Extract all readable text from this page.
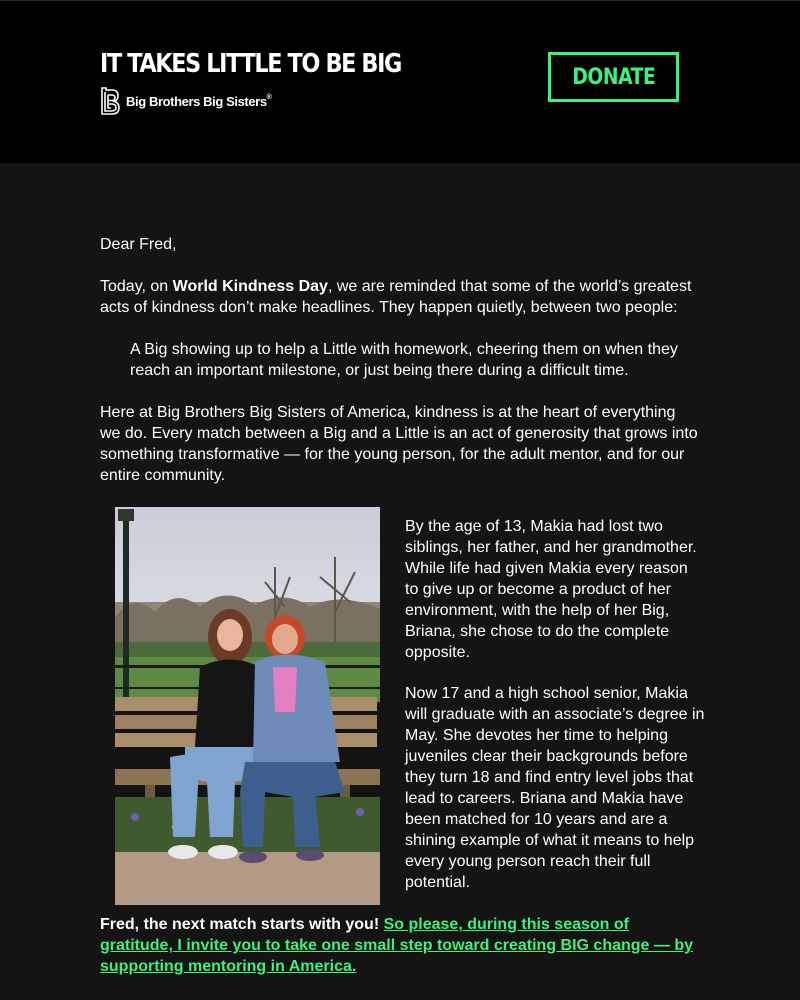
IT TAKES LITTLE TO BE BIG
Big Brothers Big Sisters®
DONATE
Dear Fred,
Today, on World Kindness Day, we are reminded that some of the world’s greatest acts of kindness don’t make headlines. They happen quietly, between two people:
A Big showing up to help a Little with homework, cheering them on when they reach an important milestone, or just being there during a difficult time.
Here at Big Brothers Big Sisters of America, kindness is at the heart of everything we do. Every match between a Big and a Little is an act of generosity that grows into something transformative — for the young person, for the adult mentor, and for our entire community.
By the age of 13, Makia had lost two siblings, her father, and her grandmother. While life had given Makia every reason to give up or become a product of her environment, with the help of her Big, Briana, she chose to do the complete opposite.
Now 17 and a high school senior, Makia will graduate with an associate’s degree in May. She devotes her time to helping juveniles clear their backgrounds before they turn 18 and find entry level jobs that lead to careers. Briana and Makia have been matched for 10 years and are a shining example of what it means to help every young person reach their full potential.
Fred, the next match starts with you! So please, during this season of gratitude, I invite you to take one small step toward creating BIG change — by supporting mentoring in America.
